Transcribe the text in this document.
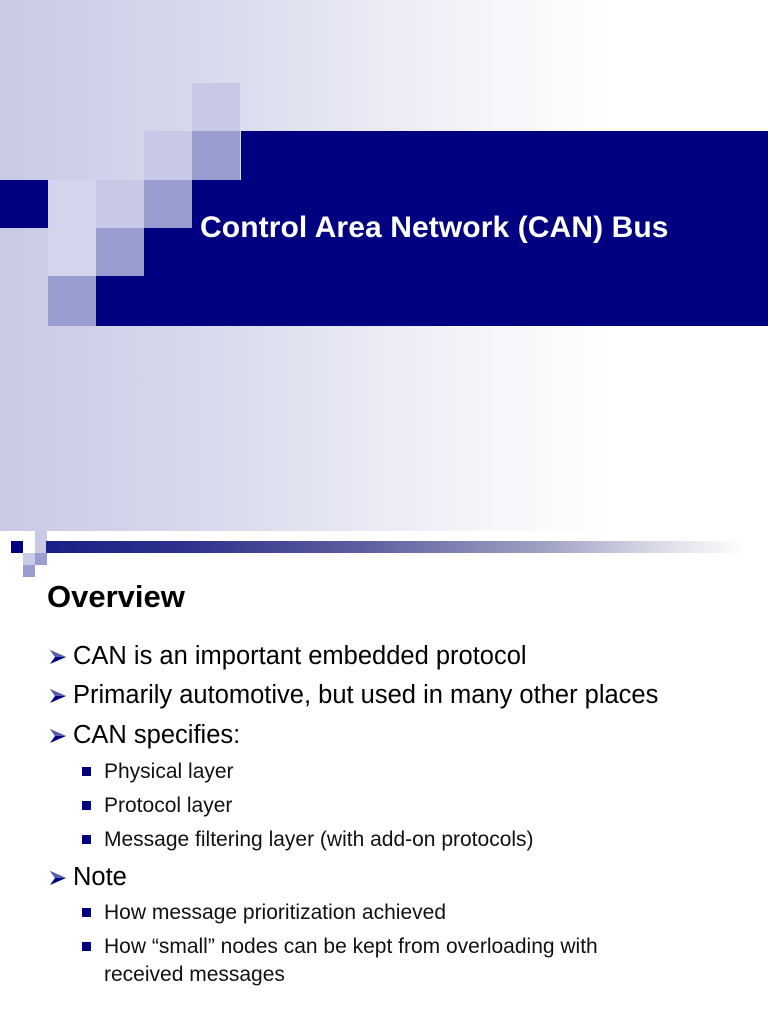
Control Area Network (CAN) Bus
Overview
CAN is an important embedded protocol
Primarily automotive, but used in many other places
CAN specifies:
Physical layer
Protocol layer
Message filtering layer (with add-on protocols)
Note
How message prioritization achieved
How “small” nodes can be kept from overloading with received messages
